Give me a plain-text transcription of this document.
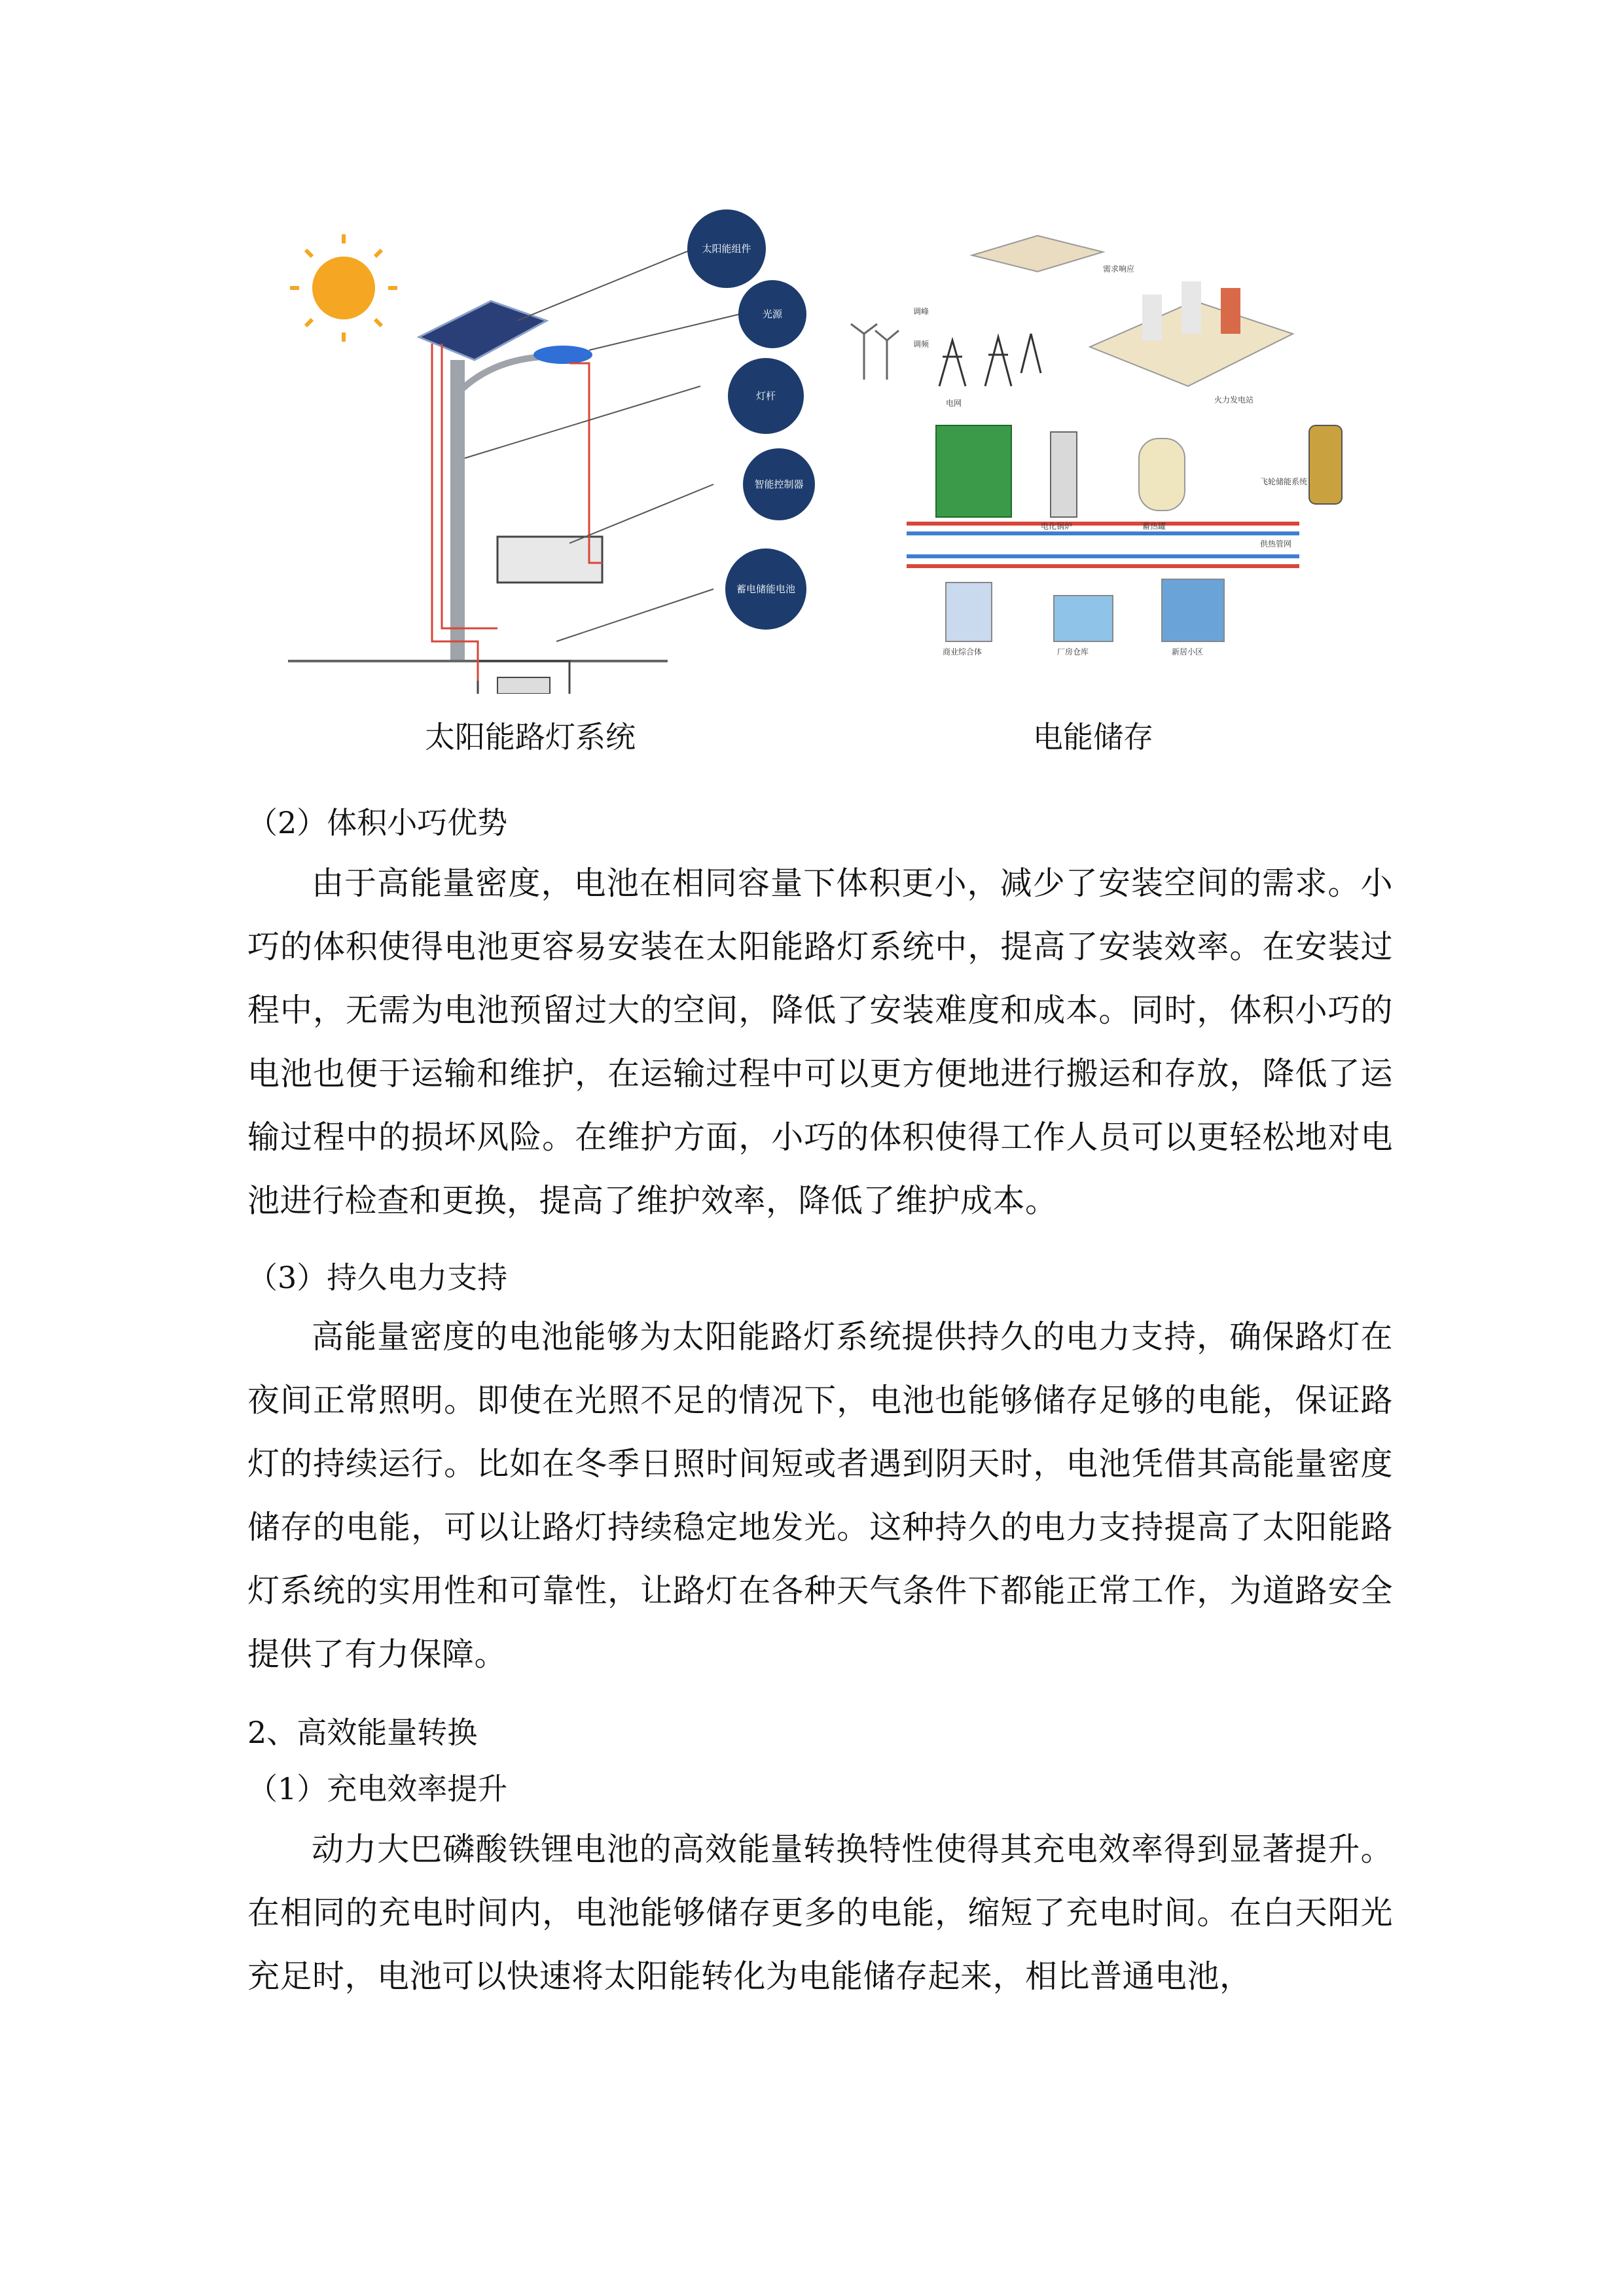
太阳能组件
光源
灯杆
智能控制器
蓄电储能电池
电网	火力发电站
电化锅炉	蓄热罐
飞轮储能系统
供热管网
商业综合体	厂房仓库	新居小区
调峰
调频
需求响应
太阳能路灯系统	电能储存

（2）体积小巧优势

由于高能量密度，电池在相同容量下体积更小，减少了安装空间的需求。小巧的体积使得电池更容易安装在太阳能路灯系统中，提高了安装效率。在安装过程中，无需为电池预留过大的空间，降低了安装难度和成本。同时，体积小巧的电池也便于运输和维护，在运输过程中可以更方便地进行搬运和存放，降低了运输过程中的损坏风险。在维护方面，小巧的体积使得工作人员可以更轻松地对电池进行检查和更换，提高了维护效率，降低了维护成本。

（3）持久电力支持

高能量密度的电池能够为太阳能路灯系统提供持久的电力支持，确保路灯在夜间正常照明。即使在光照不足的情况下，电池也能够储存足够的电能，保证路灯的持续运行。比如在冬季日照时间短或者遇到阴天时，电池凭借其高能量密度储存的电能，可以让路灯持续稳定地发光。这种持久的电力支持提高了太阳能路灯系统的实用性和可靠性，让路灯在各种天气条件下都能正常工作，为道路安全提供了有力保障。

2、高效能量转换

（1）充电效率提升

动力大巴磷酸铁锂电池的高效能量转换特性使得其充电效率得到显著提升。在相同的充电时间内，电池能够储存更多的电能，缩短了充电时间。在白天阳光充足时，电池可以快速将太阳能转化为电能储存起来，相比普通电池，
